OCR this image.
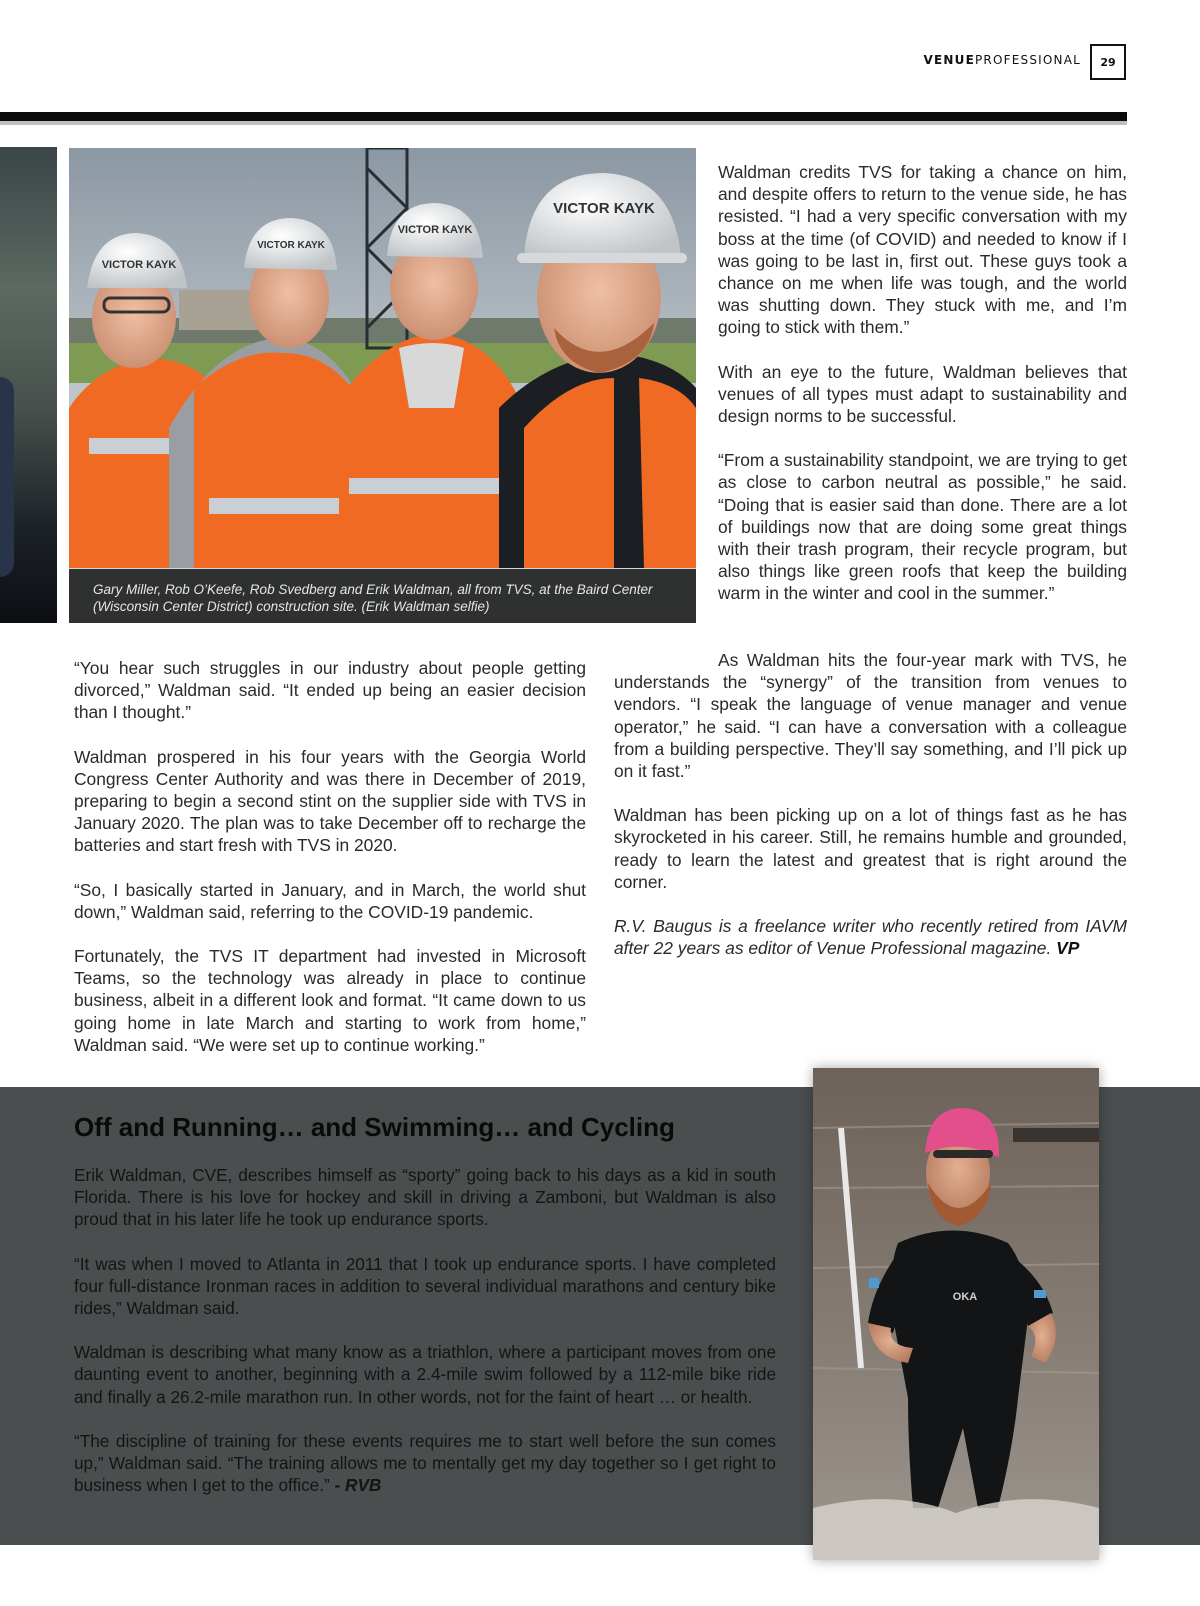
VENUEPROFESSIONAL	29
VICTOR KAYK
VICTOR KAYK
VICTOR KAYK
VICTOR KAYK
Gary Miller, Rob O’Keefe, Rob Svedberg and Erik Waldman, all from TVS, at the Baird Center (Wisconsin Center District) construction site. (Erik Waldman selfie)

Waldman credits TVS for taking a chance on him, and despite offers to return to the venue side, he has resisted. “I had a very specific conversation with my boss at the time (of COVID) and needed to know if I was going to be last in, first out. These guys took a chance on me when life was tough, and the world was shutting down. They stuck with me, and I’m going to stick with them.”

With an eye to the future, Waldman believes that venues of all types must adapt to sustainability and design norms to be successful.

“From a sustainability standpoint, we are trying to get as close to carbon neutral as possible,” he said. “Doing that is easier said than done. There are a lot of buildings now that are doing some great things with their trash program, their recycle program, but also things like green roofs that keep the building warm in the winter and cool in the summer.”

“You hear such struggles in our industry about people getting divorced,” Waldman said. “It ended up being an easier decision than I thought.”

Waldman prospered in his four years with the Georgia World Congress Center Authority and was there in December of 2019, preparing to begin a second stint on the supplier side with TVS in January 2020. The plan was to take December off to recharge the batteries and start fresh with TVS in 2020.

“So, I basically started in January, and in March, the world shut down,” Waldman said, referring to the COVID-19 pandemic.

Fortunately, the TVS IT department had invested in Microsoft Teams, so the technology was already in place to continue business, albeit in a different look and format. “It came down to us going home in late March and starting to work from home,” Waldman said. “We were set up to continue working.”

As Waldman hits the four-year mark with TVS, he understands the “synergy” of the transition from venues to vendors. “I speak the language of venue manager and venue operator,” he said. “I can have a conversation with a colleague from a building perspective. They’ll say something, and I’ll pick up on it fast.”

Waldman has been picking up on a lot of things fast as he has skyrocketed in his career. Still, he remains humble and grounded, ready to learn the latest and greatest that is right around the corner.

R.V. Baugus is a freelance writer who recently retired from IAVM after 22 years as editor of Venue Professional magazine. VP

Off and Running… and Swimming… and Cycling

Erik Waldman, CVE, describes himself as “sporty” going back to his days as a kid in south Florida. There is his love for hockey and skill in driving a Zamboni, but Waldman is also proud that in his later life he took up endurance sports.

“It was when I moved to Atlanta in 2011 that I took up endurance sports. I have completed four full-distance Ironman races in addition to several individual marathons and century bike rides,” Waldman said.

Waldman is describing what many know as a triathlon, where a participant moves from one daunting event to another, beginning with a 2.4-mile swim followed by a 112-mile bike ride and finally a 26.2-mile marathon run. In other words, not for the faint of heart … or health.

“The discipline of training for these events requires me to start well before the sun comes up,” Waldman said. “The training allows me to mentally get my day together so I get right to business when I get to the office.” - RVB

OKA
